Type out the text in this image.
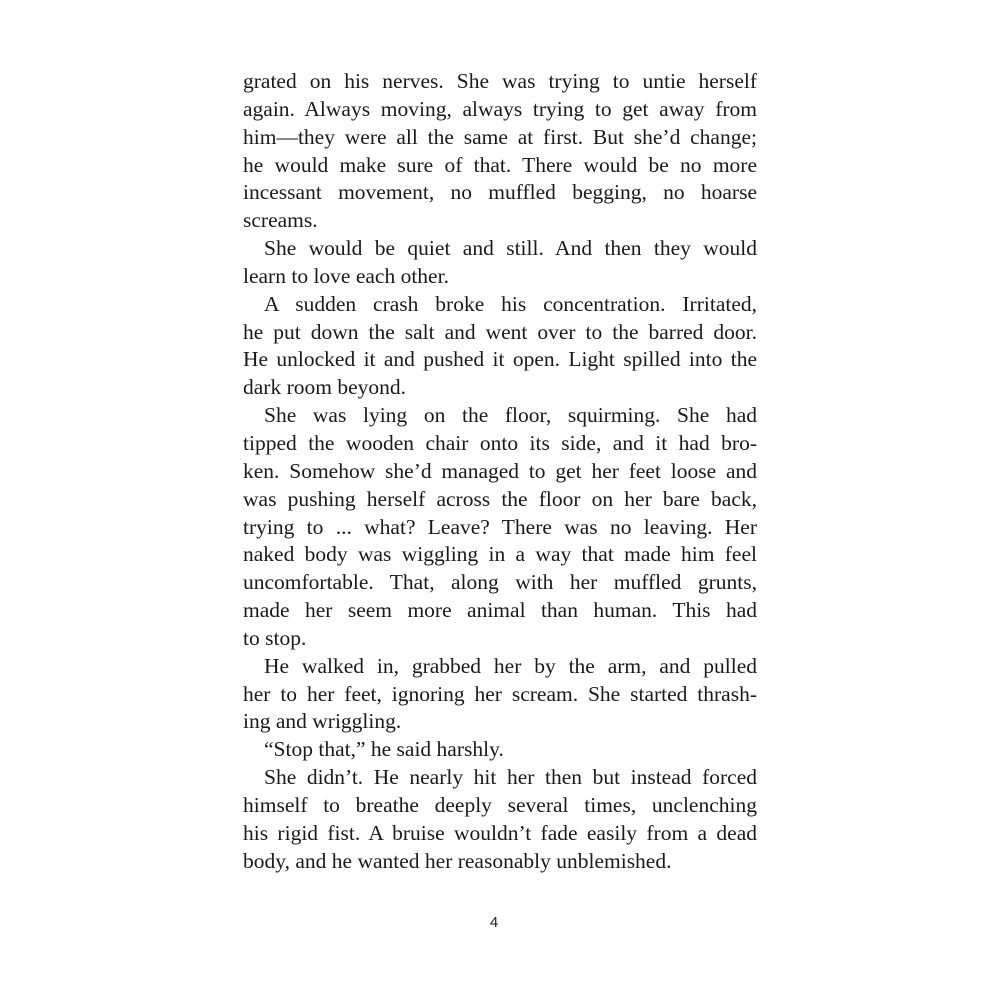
grated on his nerves. She was trying to untie herself
again. Always moving, always trying to get away from
him—they were all the same at first. But she’d change;
he would make sure of that. There would be no more
incessant movement, no muffled begging, no hoarse
screams.
She would be quiet and still. And then they would
learn to love each other.
A sudden crash broke his concentration. Irritated,
he put down the salt and went over to the barred door.
He unlocked it and pushed it open. Light spilled into the
dark room beyond.
She was lying on the floor, squirming. She had
tipped the wooden chair onto its side, and it had bro-
ken. Somehow she’d managed to get her feet loose and
was pushing herself across the floor on her bare back,
trying to ... what? Leave? There was no leaving. Her
naked body was wiggling in a way that made him feel
uncomfortable. That, along with her muffled grunts,
made her seem more animal than human. This had
to stop.
He walked in, grabbed her by the arm, and pulled
her to her feet, ignoring her scream. She started thrash-
ing and wriggling.
“Stop that,” he said harshly.
She didn’t. He nearly hit her then but instead forced
himself to breathe deeply several times, unclenching
his rigid fist. A bruise wouldn’t fade easily from a dead
body, and he wanted her reasonably unblemished.
4
